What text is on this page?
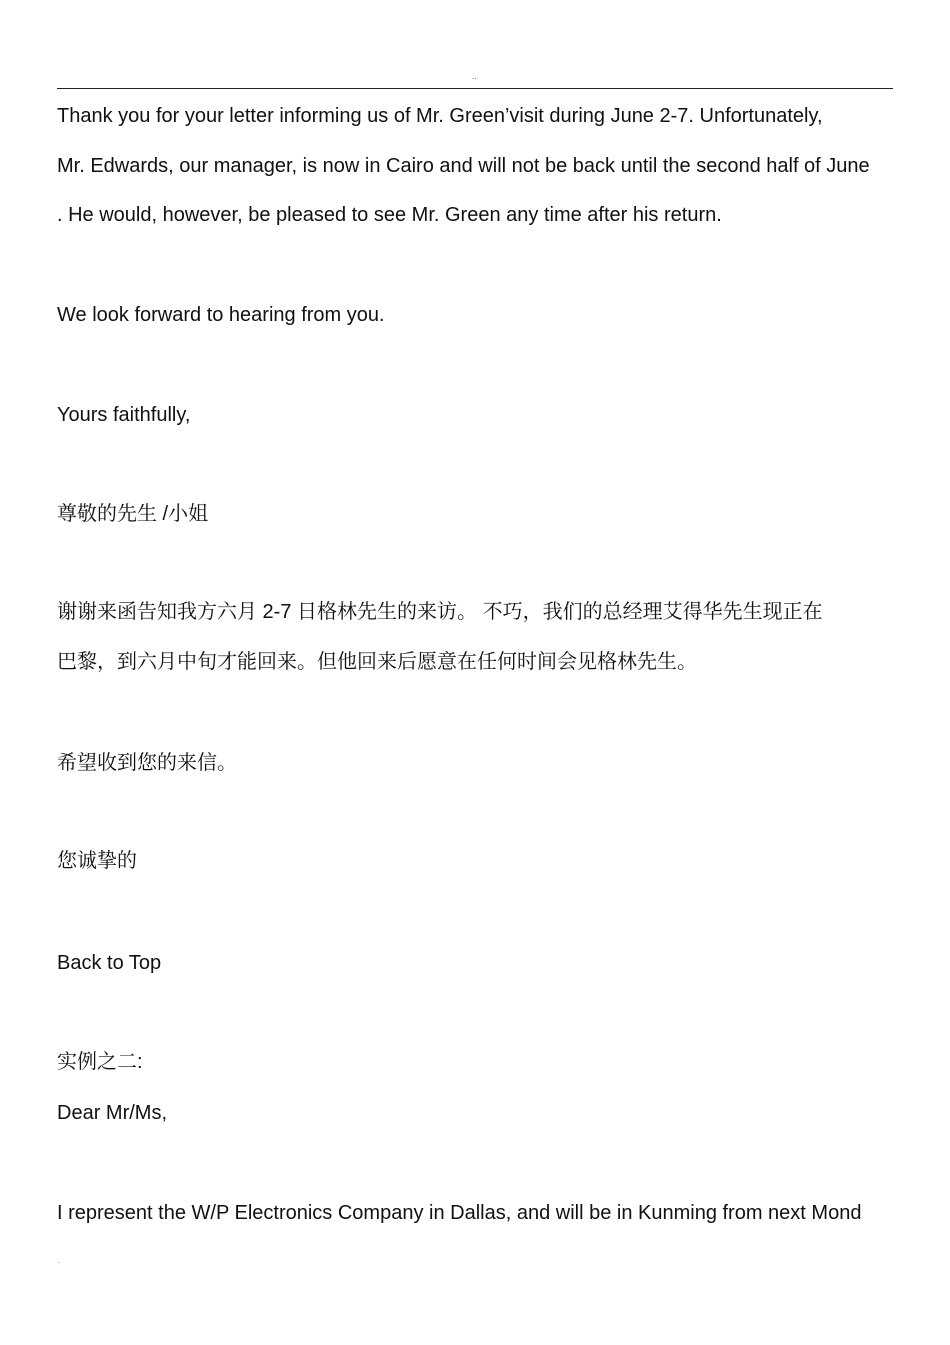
..
Thank you for your letter informing us of Mr. Green’visit during June 2-7. Unfortunately,
Mr. Edwards, our manager, is now in Cairo and will not be back until the second half of June
. He would, however, be pleased to see Mr. Green any time after his return.
We look forward to hearing from you.
Yours faithfully,
尊敬的先生 /小姐
谢谢来函告知我方六月 2-7 日格林先生的来访。 不巧，我们的总经理艾得华先生现正在
巴黎，到六月中旬才能回来。但他回来后愿意在任何时间会见格林先生。
希望收到您的来信。
您诚挚的
Back to Top
实例之二:
Dear Mr/Ms,
I represent the W/P Electronics Company in Dallas, and will be in Kunming from next Mond
.
